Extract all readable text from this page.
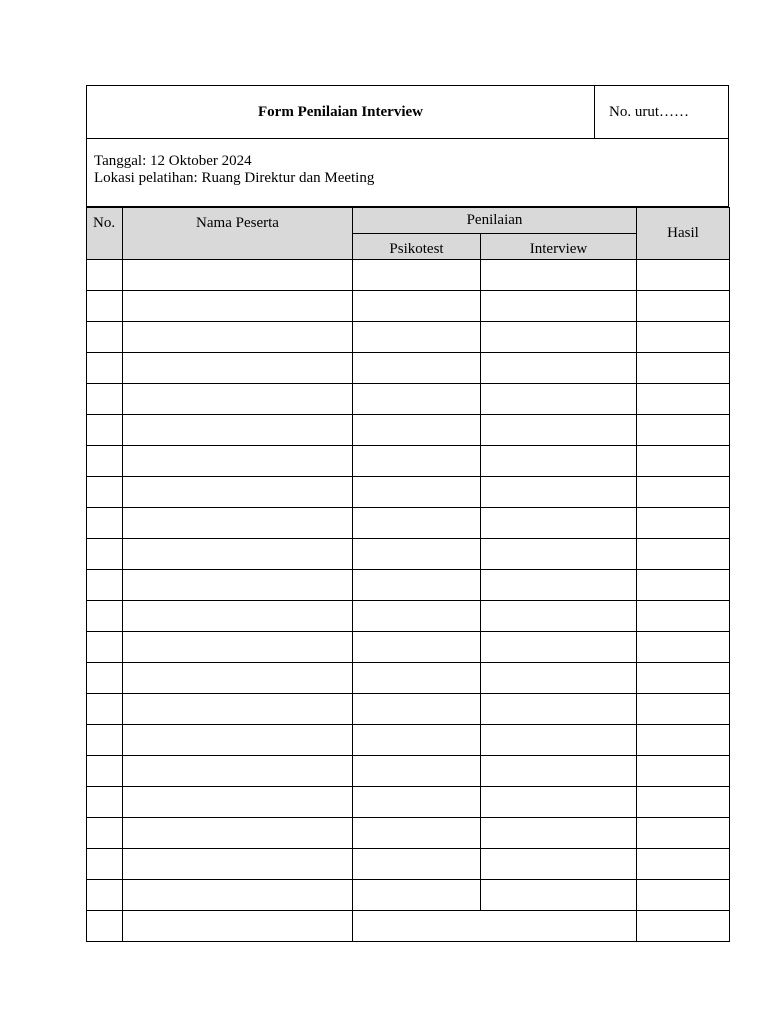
Form Penilaian Interview	No. urut……

Tanggal: 12 Oktober 2024
Lokasi pelatihan: Ruang Direktur dan Meeting
No.	Nama Peserta	Penilaian		Hasil
		Psikotest	Interview	
